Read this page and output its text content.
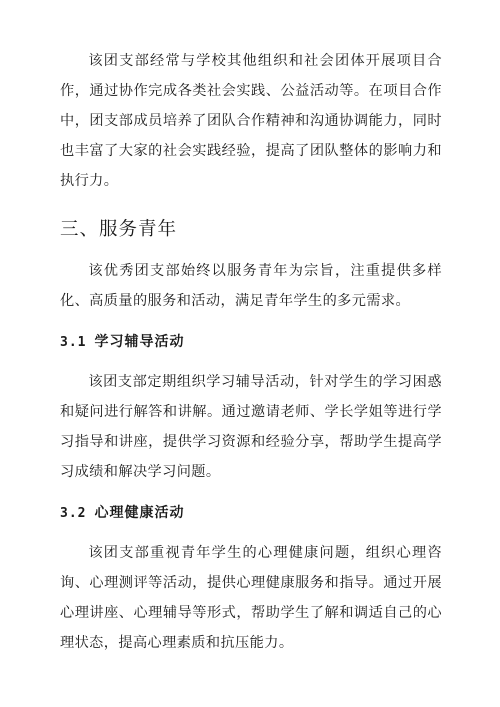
该团支部经常与学校其他组织和社会团体开展项目合作，通过协作完成各类社会实践、公益活动等。在项目合作中，团支部成员培养了团队合作精神和沟通协调能力，同时也丰富了大家的社会实践经验，提高了团队整体的影响力和执行力。

三、服务青年

该优秀团支部始终以服务青年为宗旨，注重提供多样化、高质量的服务和活动，满足青年学生的多元需求。

3.1 学习辅导活动

该团支部定期组织学习辅导活动，针对学生的学习困惑和疑问进行解答和讲解。通过邀请老师、学长学姐等进行学习指导和讲座，提供学习资源和经验分享，帮助学生提高学习成绩和解决学习问题。

3.2 心理健康活动

该团支部重视青年学生的心理健康问题，组织心理咨询、心理测评等活动，提供心理健康服务和指导。通过开展心理讲座、心理辅导等形式，帮助学生了解和调适自己的心理状态，提高心理素质和抗压能力。
